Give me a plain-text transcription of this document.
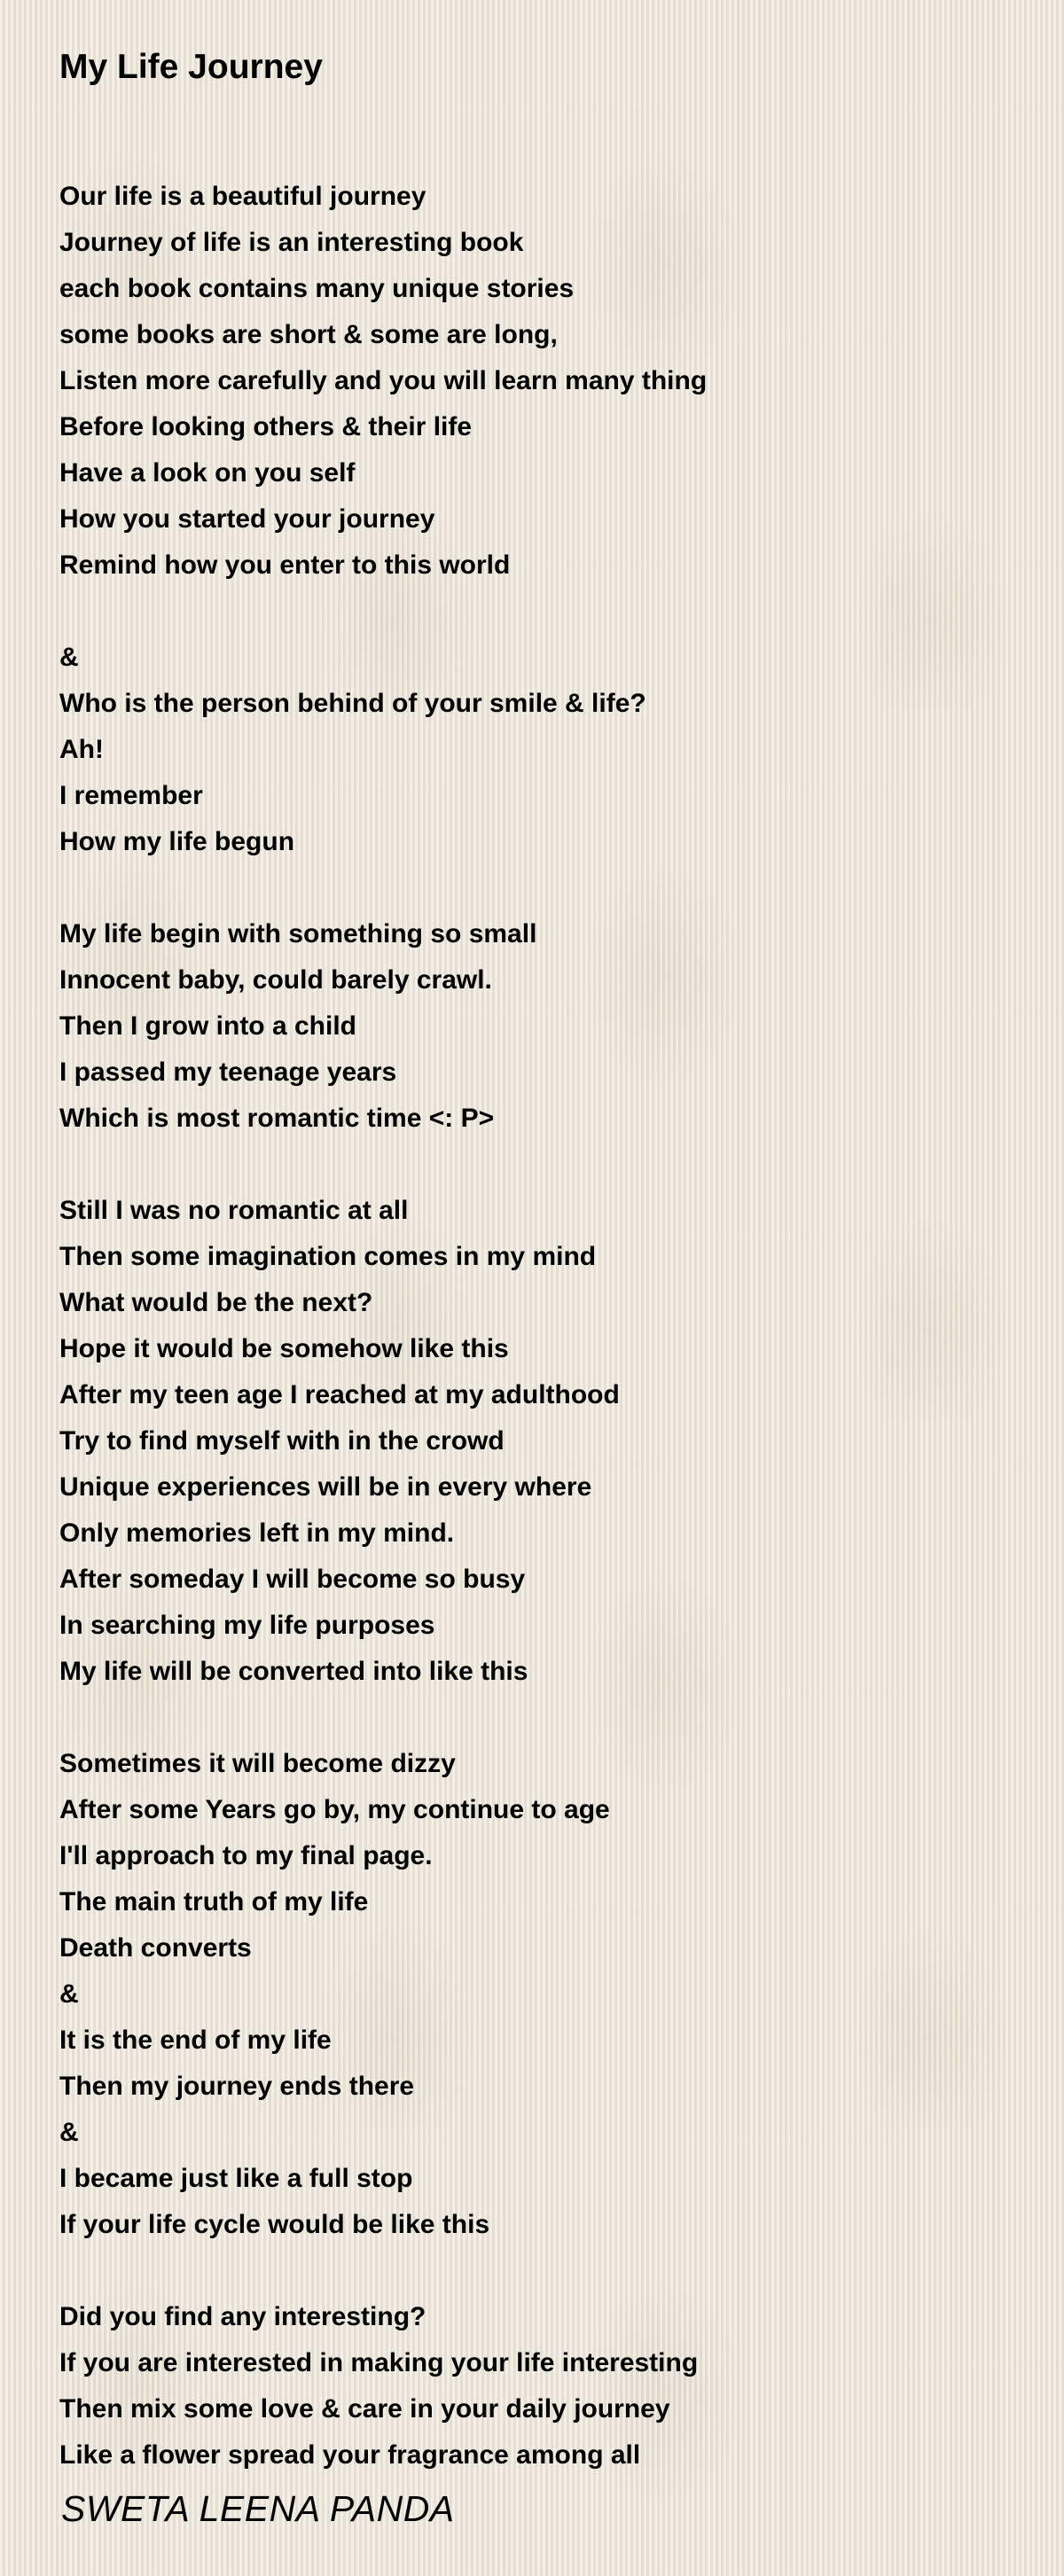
My Life Journey
Our life is a beautiful journey
Journey of life is an interesting book
each book contains many unique stories
some books are short & some are long,
Listen more carefully and you will learn many thing
Before looking others & their life
Have a look on you self
How you started your journey
Remind how you enter to this world
&
Who is the person behind of your smile & life?
Ah!
I remember
How my life begun
My life begin with something so small
Innocent baby, could barely crawl.
Then I grow into a child
I passed my teenage years
Which is most romantic time <: P>
Still I was no romantic at all
Then some imagination comes in my mind
What would be the next?
Hope it would be somehow like this
After my teen age I reached at my adulthood
Try to find myself with in the crowd
Unique experiences will be in every where
Only memories left in my mind.
After someday I will become so busy
In searching my life purposes
My life will be converted into like this
Sometimes it will become dizzy
After some Years go by, my continue to age
I'll approach to my final page.
The main truth of my life
Death converts
&
It is the end of my life
Then my journey ends there
&
I became just like a full stop
If your life cycle would be like this
Did you find any interesting?
If you are interested in making your life interesting
Then mix some love & care in your daily journey
Like a flower spread your fragrance among all
SWETA LEENA PANDA
